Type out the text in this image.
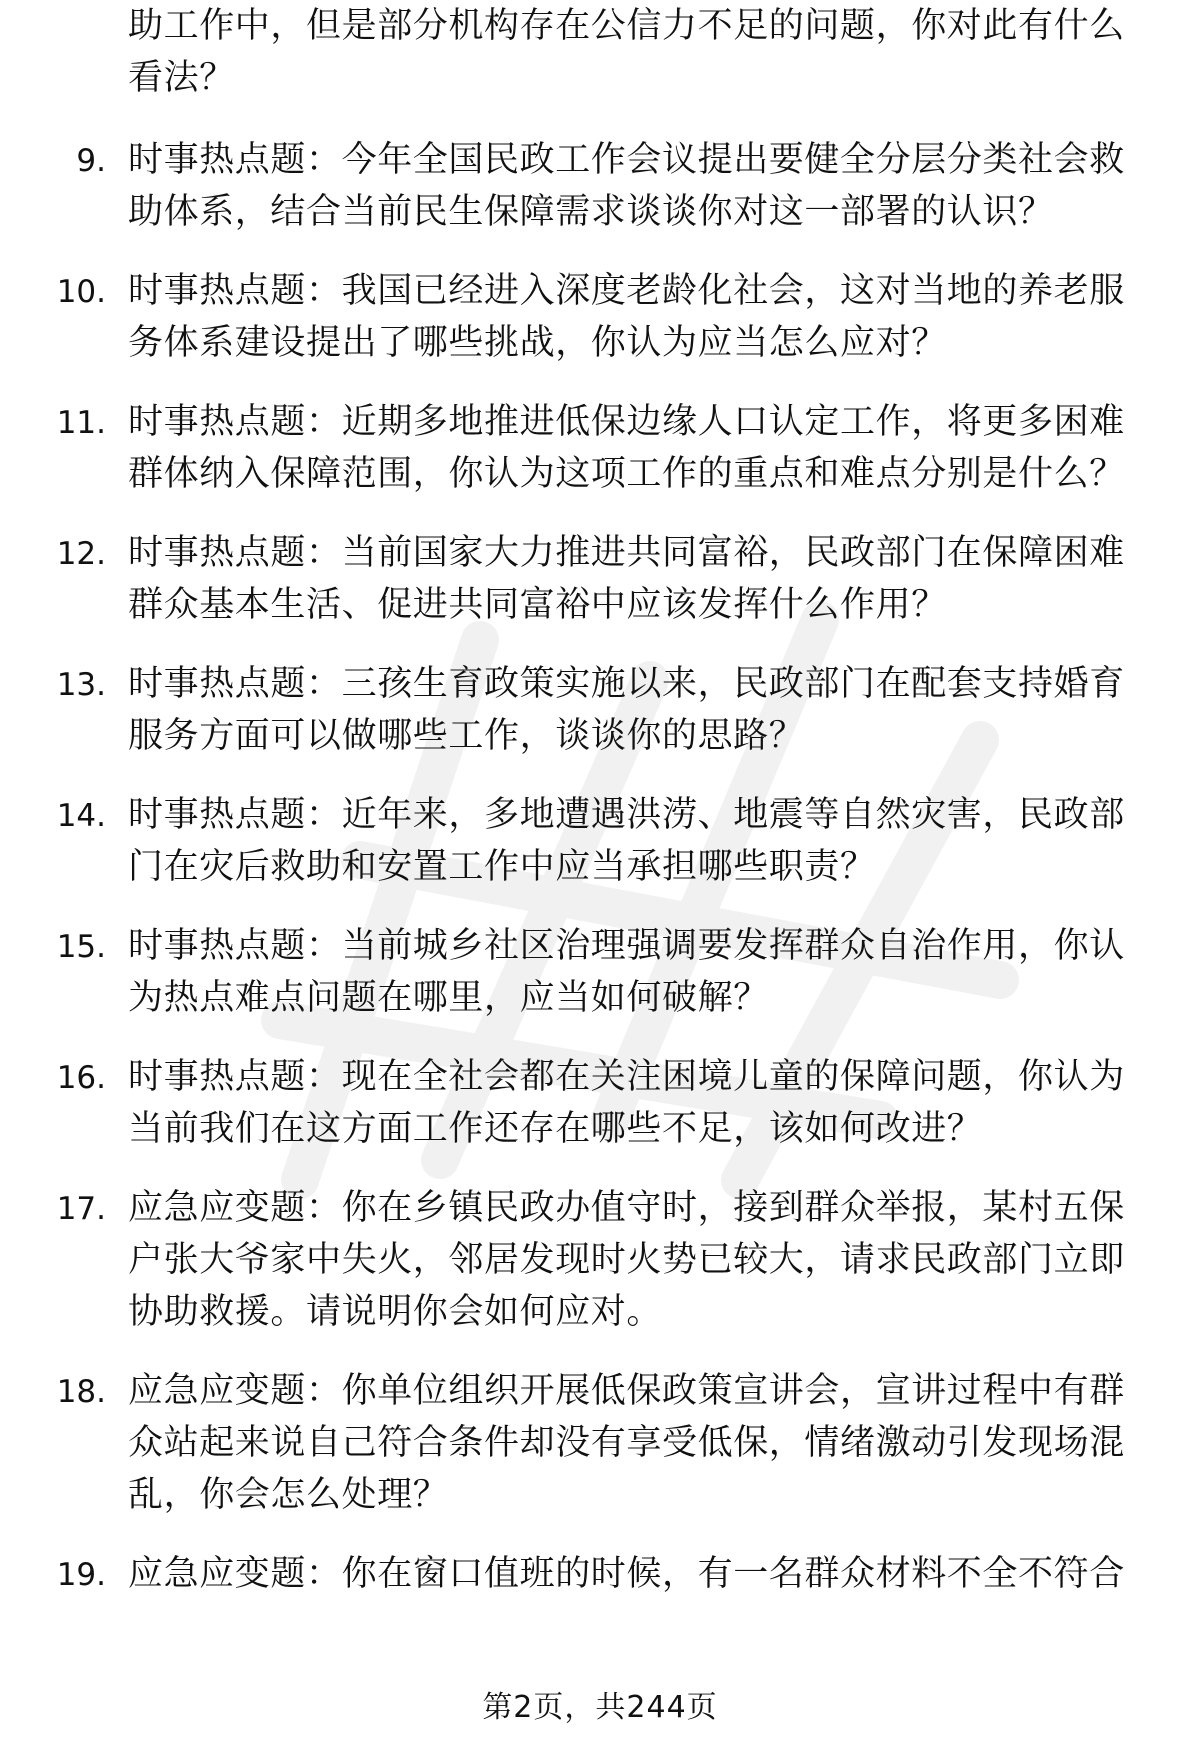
助工作中，但是部分机构存在公信力不足的问题，你对此有什么看法？
9. 时事热点题：今年全国民政工作会议提出要健全分层分类社会救助体系，结合当前民生保障需求谈谈你对这一部署的认识？
10. 时事热点题：我国已经进入深度老龄化社会，这对当地的养老服务体系建设提出了哪些挑战，你认为应当怎么应对？
11. 时事热点题：近期多地推进低保边缘人口认定工作，将更多困难群体纳入保障范围，你认为这项工作的重点和难点分别是什么？
12. 时事热点题：当前国家大力推进共同富裕，民政部门在保障困难群众基本生活、促进共同富裕中应该发挥什么作用？
13. 时事热点题：三孩生育政策实施以来，民政部门在配套支持婚育服务方面可以做哪些工作，谈谈你的思路？
14. 时事热点题：近年来，多地遭遇洪涝、地震等自然灾害，民政部门在灾后救助和安置工作中应当承担哪些职责？
15. 时事热点题：当前城乡社区治理强调要发挥群众自治作用，你认为热点难点问题在哪里，应当如何破解？
16. 时事热点题：现在全社会都在关注困境儿童的保障问题，你认为当前我们在这方面工作还存在哪些不足，该如何改进？
17. 应急应变题：你在乡镇民政办值守时，接到群众举报，某村五保户张大爷家中失火，邻居发现时火势已较大，请求民政部门立即协助救援。请说明你会如何应对。
18. 应急应变题：你单位组织开展低保政策宣讲会，宣讲过程中有群众站起来说自己符合条件却没有享受低保，情绪激动引发现场混乱，你会怎么处理？
19. 应急应变题：你在窗口值班的时候，有一名群众材料不全不符合
第2页，共244页
